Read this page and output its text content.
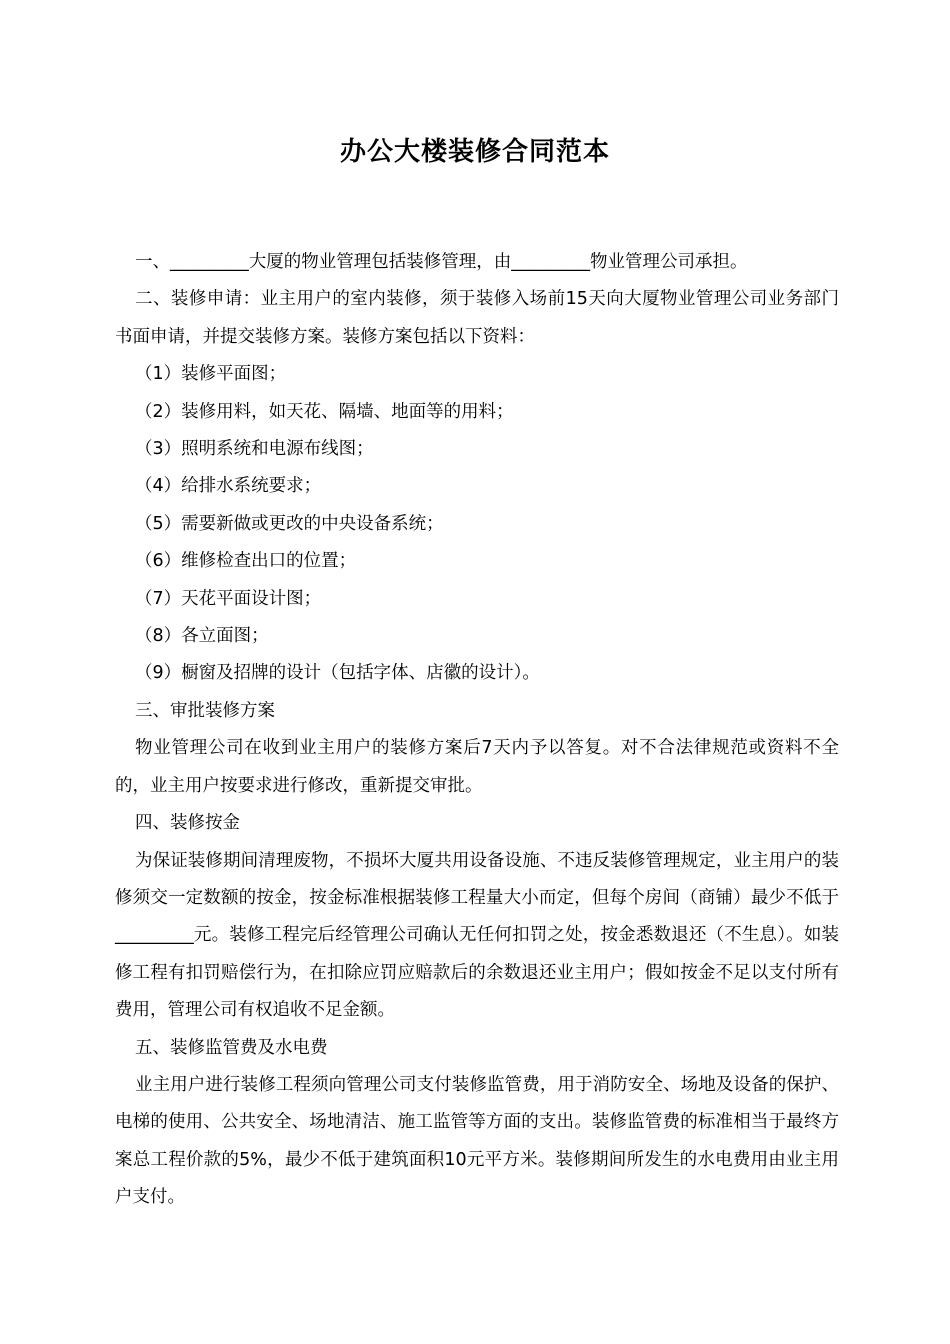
办公大楼装修合同范本

一、_________大厦的物业管理包括装修管理，由_________物业管理公司承担。

二、装修申请：业主用户的室内装修，须于装修入场前15天向大厦物业管理公司业务部门书面申请，并提交装修方案。装修方案包括以下资料：

（1）装修平面图；

（2）装修用料，如天花、隔墙、地面等的用料；

（3）照明系统和电源布线图；

（4）给排水系统要求；

（5）需要新做或更改的中央设备系统；

（6）维修检查出口的位置；

（7）天花平面设计图；

（8）各立面图；

（9）橱窗及招牌的设计（包括字体、店徽的设计）。

三、审批装修方案

物业管理公司在收到业主用户的装修方案后7天内予以答复。对不合法律规范或资料不全的，业主用户按要求进行修改，重新提交审批。

四、装修按金

为保证装修期间清理废物，不损坏大厦共用设备设施、不违反装修管理规定，业主用户的装修须交一定数额的按金，按金标准根据装修工程量大小而定，但每个房间（商铺）最少不低于_________元。装修工程完后经管理公司确认无任何扣罚之处，按金悉数退还（不生息）。如装修工程有扣罚赔偿行为，在扣除应罚应赔款后的余数退还业主用户；假如按金不足以支付所有费用，管理公司有权追收不足金额。

五、装修监管费及水电费

业主用户进行装修工程须向管理公司支付装修监管费，用于消防安全、场地及设备的保护、电梯的使用、公共安全、场地清洁、施工监管等方面的支出。装修监管费的标准相当于最终方案总工程价款的5%，最少不低于建筑面积10元平方米。装修期间所发生的水电费用由业主用户支付。
